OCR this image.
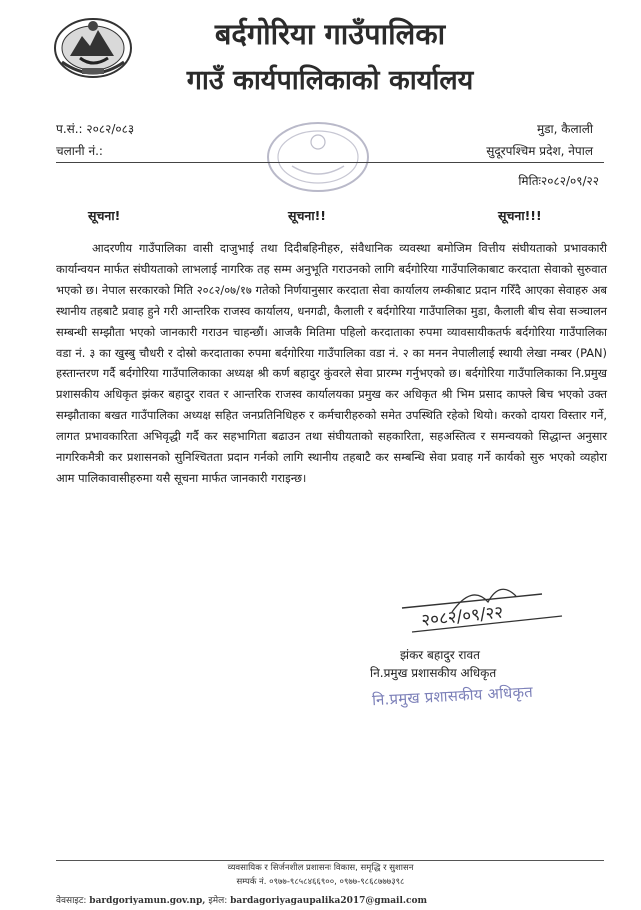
बर्दगोरिया गाउँपालिका
गाउँ कार्यपालिकाको कार्यालय
प.सं.: २०८२/०८३
चलानी नं.:
मुडा, कैलाली
सुदूरपश्चिम प्रदेश, नेपाल
मितिः२०८२/०९/२२
सूचना!	सूचना!!	सूचना!!!
आदरणीय गाउँपालिका वासी दाजुभाई तथा दिदीबहिनीहरु, संवैधानिक व्यवस्था बमोजिम वित्तीय संघीयताको प्रभावकारी कार्यान्वयन मार्फत संघीयताको लाभलाई नागरिक तह सम्म अनुभूति गराउनको लागि बर्दगोरिया गाउँपालिकाबाट करदाता सेवाको सुरुवात भएको छ। नेपाल सरकारको मिति २०८२/०७/१७ गतेको निर्णयानुसार करदाता सेवा कार्यालय लम्कीबाट प्रदान गरिँदै आएका सेवाहरु अब स्थानीय तहबाटै प्रवाह हुने गरी आन्तरिक राजस्व कार्यालय, धनगढी, कैलाली र बर्दगोरिया गाउँपालिका मुडा, कैलाली बीच सेवा सञ्चालन सम्बन्धी सम्झौता भएको जानकारी गराउन चाहन्छौं। आजकै मितिमा पहिलो करदाताका रुपमा व्यावसायीकतर्फ बर्दगोरिया गाउँपालिका वडा नं. ३ का खुस्बु चौधरी र दोस्रो करदाताका रुपमा बर्दगोरिया गाउँपालिका वडा नं. २ का मनन नेपालीलाई स्थायी लेखा नम्बर (PAN) हस्तान्तरण गर्दै बर्दगोरिया गाउँपालिकाका अध्यक्ष श्री कर्ण बहादुर कुंवरले सेवा प्रारम्भ गर्नुभएको छ। बर्दगोरिया गाउँपालिकाका नि.प्रमुख प्रशासकीय अधिकृत झंकर बहादुर रावत र आन्तरिक राजस्व कार्यालयका प्रमुख कर अधिकृत श्री भिम प्रसाद काफ्ले बिच भएको उक्त सम्झौताका बखत गाउँपालिका अध्यक्ष सहित जनप्रतिनिधिहरु र कर्मचारीहरुको समेत उपस्थिति रहेको थियो। करको दायरा विस्तार गर्ने, लागत प्रभावकारिता अभिवृद्धी गर्दै कर सहभागिता बढाउन तथा संघीयताको सहकारिता, सहअस्तित्व र समन्वयको सिद्धान्त अनुसार नागरिकमैत्री कर प्रशासनको सुनिश्चितता प्रदान गर्नको लागि स्थानीय तहबाटै कर सम्बन्धि सेवा प्रवाह गर्ने कार्यको सुरु भएको व्यहोरा आम पालिकावासीहरुमा यसै सूचना मार्फत जानकारी गराइन्छ।
२०८२/०९/२२
झंकर बहादुर रावत
नि.प्रमुख प्रशासकीय अधिकृत
नि.प्रमुख प्रशासकीय अधिकृत
व्यवसायिक र सिर्जनशील प्रशासनः विकास, समृद्धि र सुशासन
सम्पर्क नं. ०९७७-९८५८४६६९००, ०९७७-९८६८७७७३९८
वेवसाइट: bardgoriyamun.gov.np, इमेल: bardagoriyagaupalika2017@gmail.com
